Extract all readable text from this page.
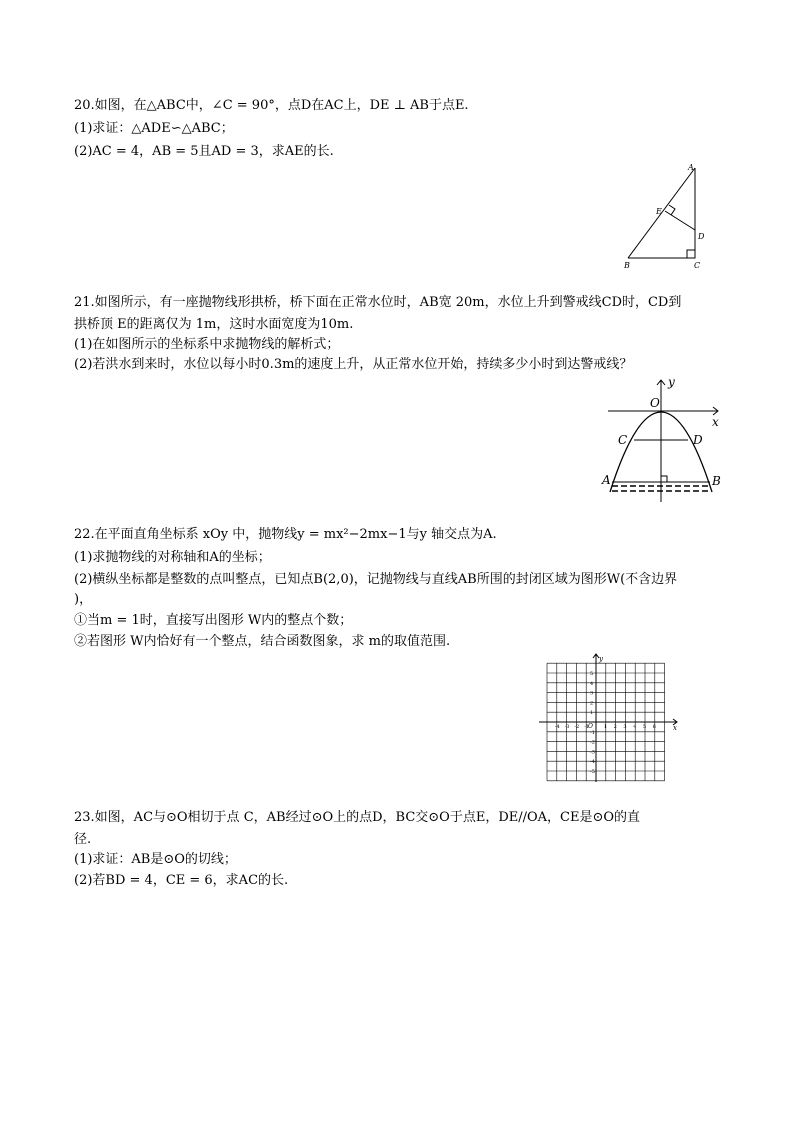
20.如图，在△ABC中，∠C = 90°，点D在AC上，DE ⊥ AB于点E.
(1)求证：△ADE∽△ABC；
(2)AC = 4，AB = 5且AD = 3，求AE的长.
A
E
D
B	C
21.如图所示，有一座抛物线形拱桥，桥下面在正常水位时，AB宽 20m，水位上升到警戒线CD时，CD到
拱桥顶 E的距离仅为 1m，这时水面宽度为10m.
(1)在如图所示的坐标系中求抛物线的解析式；
(2)若洪水到来时，水位以每小时0.3m的速度上升，从正常水位开始，持续多少小时到达警戒线？
O
y
x
C	D
A	B
22.在平面直角坐标系 xOy 中，抛物线y = mx²−2mx−1与y 轴交点为A.
(1)求抛物线的对称轴和A的坐标；
(2)横纵坐标都是整数的点叫整点，已知点B(2,0)，记抛物线与直线AB所围的封闭区域为图形W(不含边界
)，
①当m = 1时，直接写出图形 W内的整点个数；
②若图形 W内恰好有一个整点，结合函数图象，求 m的取值范围.
-4 -3 -2 -1	1 2 3 4 5 6
1
2
3
4
5
-1
-2
-3
-4
-5
y
x
O
23.如图，AC与⊙O相切于点 C，AB经过⊙O上的点D，BC交⊙O于点E，DE//OA，CE是⊙O的直
径.
(1)求证：AB是⊙O的切线；
(2)若BD = 4，CE = 6，求AC的长.
